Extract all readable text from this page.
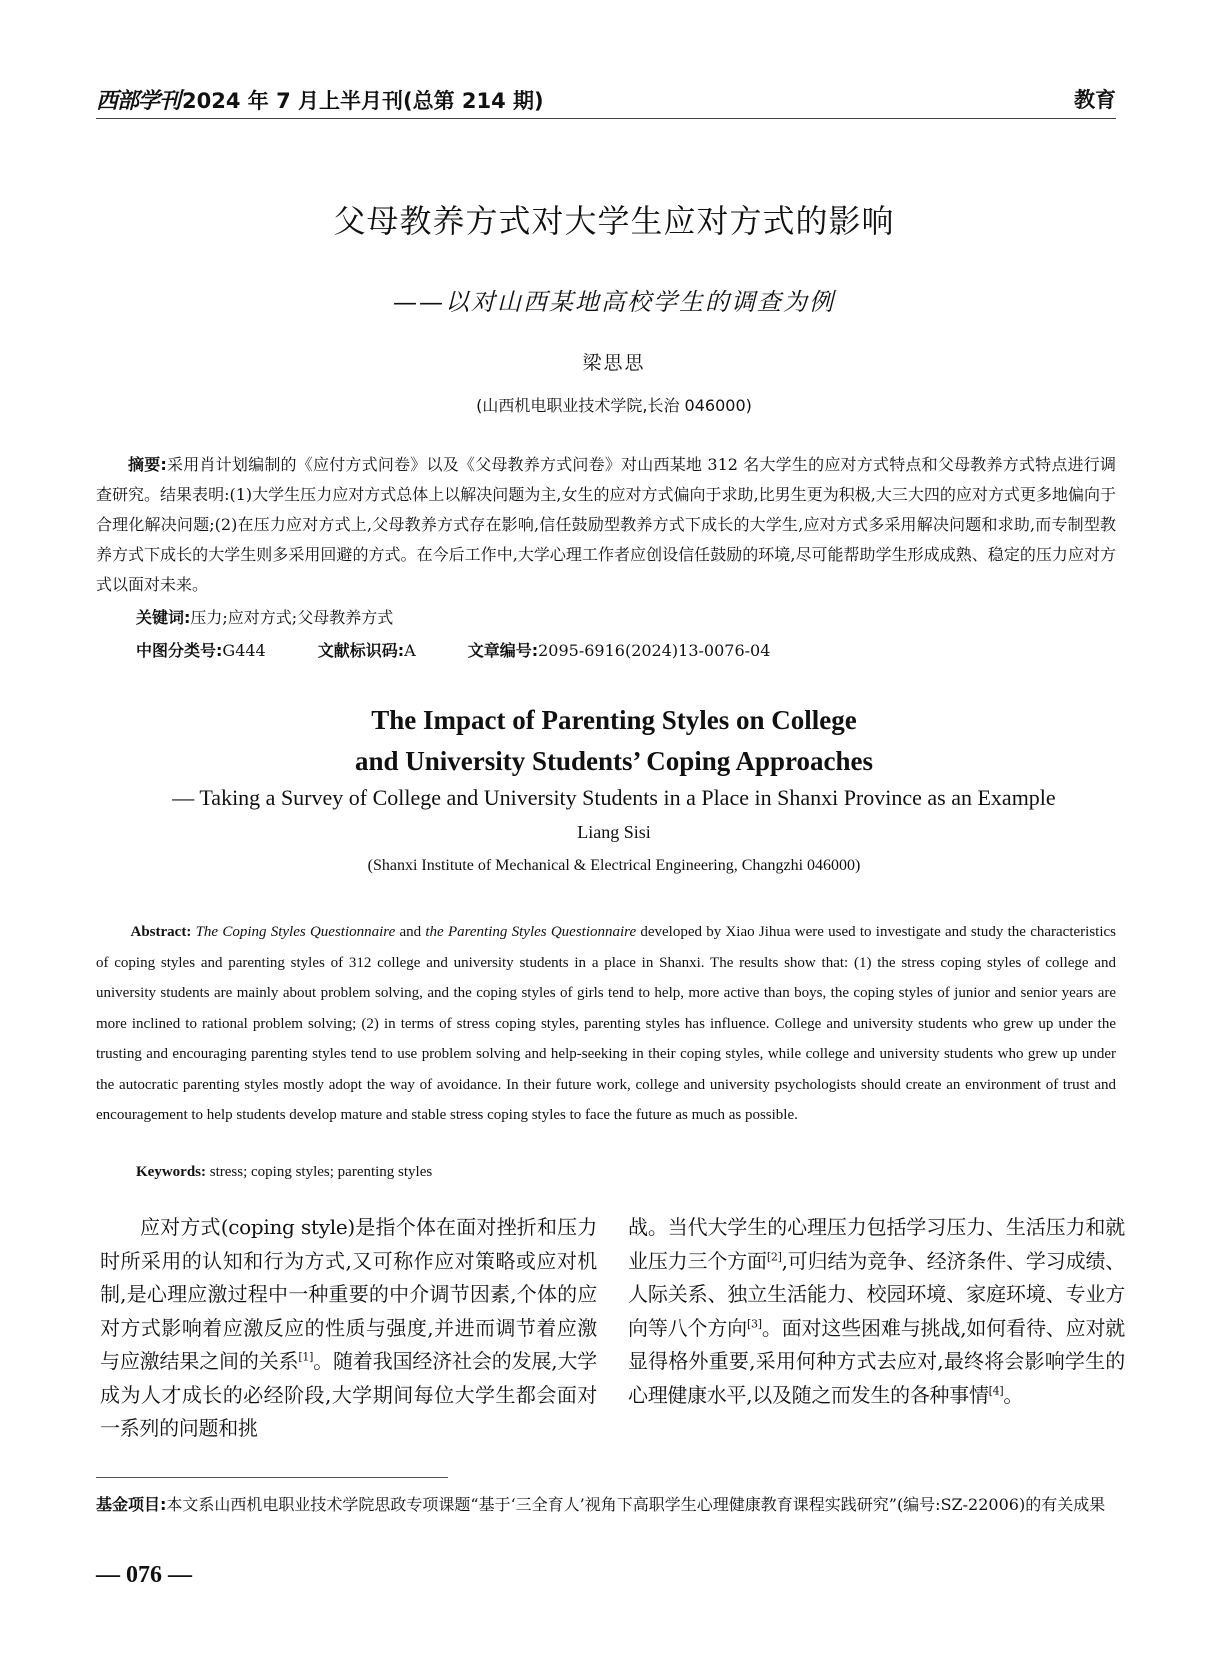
西部学刊2024 年 7 月上半月刊(总第 214 期)	教育
父母教养方式对大学生应对方式的影响
——以对山西某地高校学生的调查为例
梁思思
(山西机电职业技术学院,长治 046000)
摘要:采用肖计划编制的《应付方式问卷》以及《父母教养方式问卷》对山西某地 312 名大学生的应对方式特点和父母教养方式特点进行调查研究。结果表明:(1)大学生压力应对方式总体上以解决问题为主,女生的应对方式偏向于求助,比男生更为积极,大三大四的应对方式更多地偏向于合理化解决问题;(2)在压力应对方式上,父母教养方式存在影响,信任鼓励型教养方式下成长的大学生,应对方式多采用解决问题和求助,而专制型教养方式下成长的大学生则多采用回避的方式。在今后工作中,大学心理工作者应创设信任鼓励的环境,尽可能帮助学生形成成熟、稳定的压力应对方式以面对未来。
关键词:压力;应对方式;父母教养方式
中图分类号:G444	文献标识码:A	文章编号:2095-6916(2024)13-0076-04
The Impact of Parenting Styles on College
and University Students’ Coping Approaches
— Taking a Survey of College and University Students in a Place in Shanxi Province as an Example
Liang Sisi
(Shanxi Institute of Mechanical & Electrical Engineering, Changzhi 046000)
Abstract: The Coping Styles Questionnaire and the Parenting Styles Questionnaire developed by Xiao Jihua were used to investigate and study the characteristics of coping styles and parenting styles of 312 college and university students in a place in Shanxi. The results show that: (1) the stress coping styles of college and university students are mainly about problem solving, and the coping styles of girls tend to help, more active than boys, the coping styles of junior and senior years are more inclined to rational problem solving; (2) in terms of stress coping styles, parenting styles has influence. College and university students who grew up under the trusting and encouraging parenting styles tend to use problem solving and help-seeking in their coping styles, while college and university students who grew up under the autocratic parenting styles mostly adopt the way of avoidance. In their future work, college and university psychologists should create an environment of trust and encouragement to help students develop mature and stable stress coping styles to face the future as much as possible.
Keywords: stress; coping styles; parenting styles

应对方式(coping style)是指个体在面对挫折和压力时所采用的认知和行为方式,又可称作应对策略或应对机制,是心理应激过程中一种重要的中介调节因素,个体的应对方式影响着应激反应的性质与强度,并进而调节着应激与应激结果之间的关系[1]。随着我国经济社会的发展,大学成为人才成长的必经阶段,大学期间每位大学生都会面对一系列的问题和挑

战。当代大学生的心理压力包括学习压力、生活压力和就业压力三个方面[2],可归结为竞争、经济条件、学习成绩、人际关系、独立生活能力、校园环境、家庭环境、专业方向等八个方向[3]。面对这些困难与挑战,如何看待、应对就显得格外重要,采用何种方式去应对,最终将会影响学生的心理健康水平,以及随之而发生的各种事情[4]。

基金项目:本文系山西机电职业技术学院思政专项课题“基于‘三全育人’视角下高职学生心理健康教育课程实践研究”(编号:SZ-22006)的有关成果
— 076 —
